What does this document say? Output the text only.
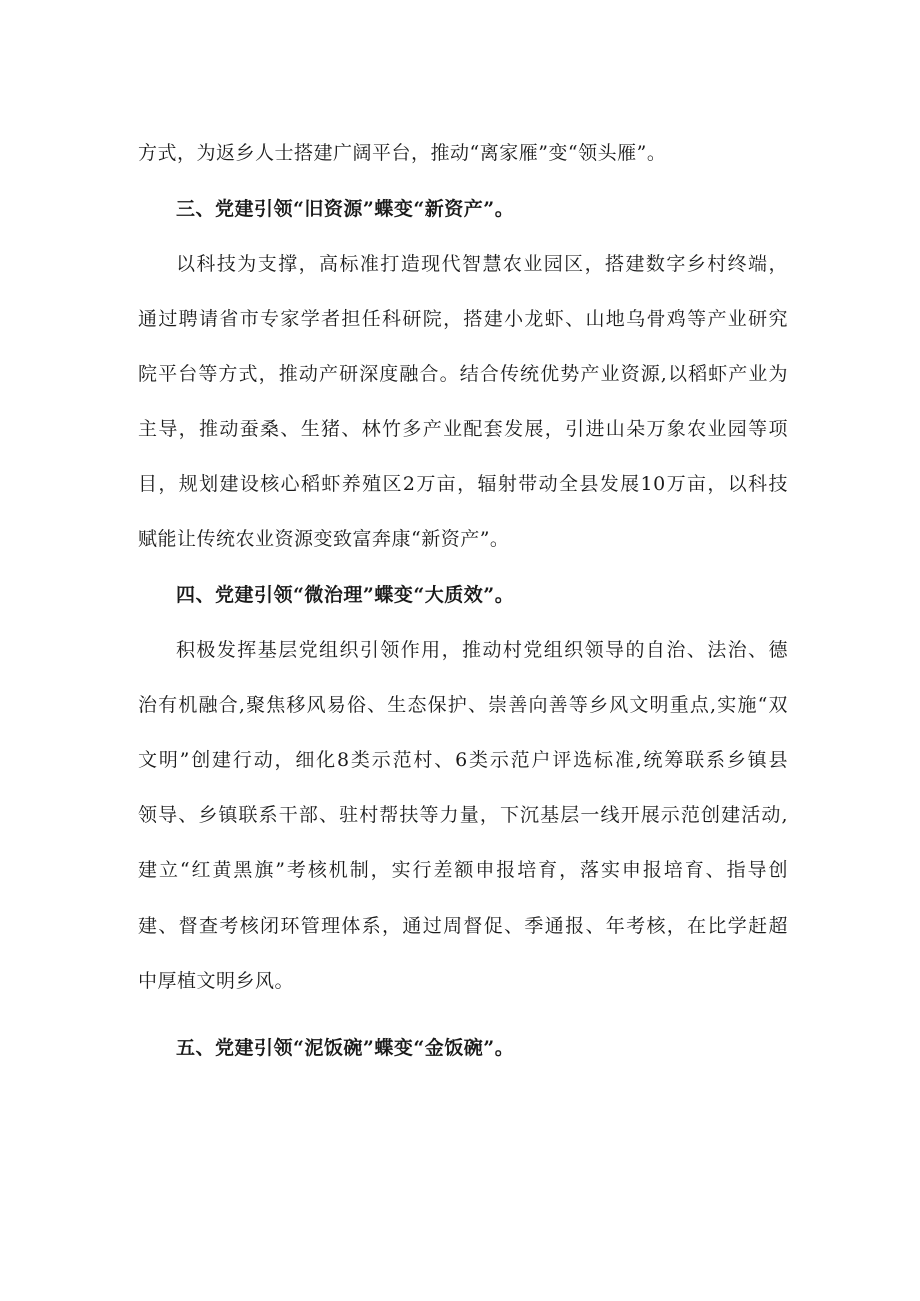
方式，为返乡人士搭建广阔平台，推动“离家雁”变“领头雁”。
三、党建引领“旧资源”蝶变“新资产”。
以科技为支撑，高标准打造现代智慧农业园区，搭建数字乡村终端，
通过聘请省市专家学者担任科研院，搭建小龙虾、山地乌骨鸡等产业研究
院平台等方式，推动产研深度融合。结合传统优势产业资源,以稻虾产业为
主导，推动蚕桑、生猪、林竹多产业配套发展，引进山朵万象农业园等项
目，规划建设核心稻虾养殖区2万亩，辐射带动全县发展10万亩，以科技
赋能让传统农业资源变致富奔康“新资产”。
四、党建引领“微治理”蝶变“大质效”。
积极发挥基层党组织引领作用，推动村党组织领导的自治、法治、德
治有机融合,聚焦移风易俗、生态保护、崇善向善等乡风文明重点,实施“双
文明”创建行动，细化8类示范村、6类示范户评选标准,统筹联系乡镇县
领导、乡镇联系干部、驻村帮扶等力量，下沉基层一线开展示范创建活动,
建立“红黄黑旗”考核机制，实行差额申报培育，落实申报培育、指导创
建、督查考核闭环管理体系，通过周督促、季通报、年考核，在比学赶超
中厚植文明乡风。
五、党建引领“泥饭碗”蝶变“金饭碗”。
